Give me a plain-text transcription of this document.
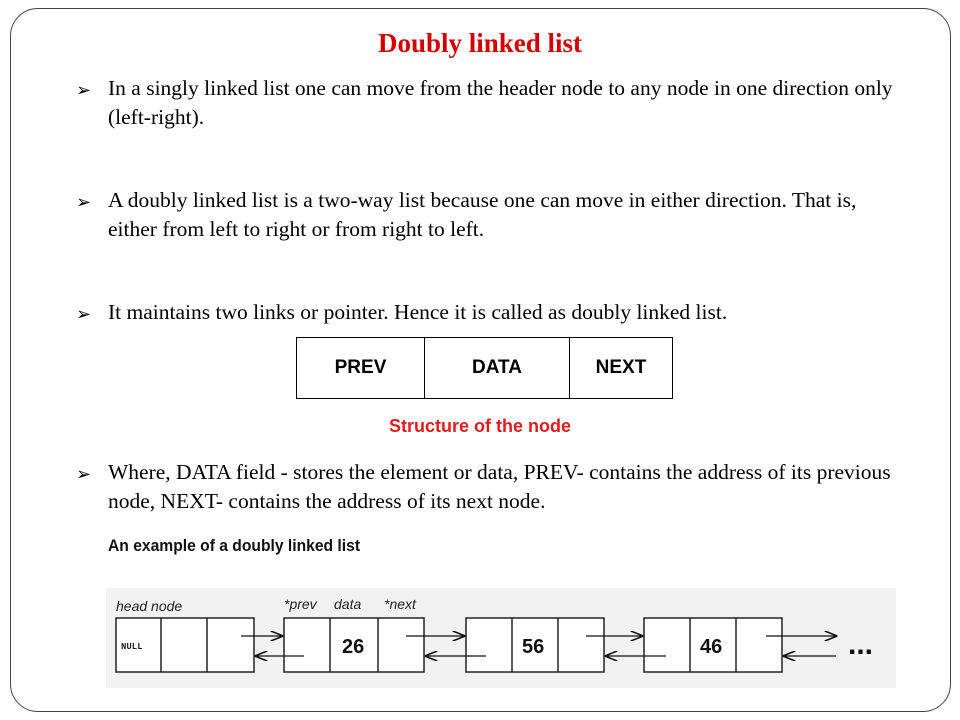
Doubly linked list
➢ In a singly linked list one can move from the header node to any node in one direction only (left-right).
➢ A doubly linked list is a two-way list because one can move in either direction. That is, either from left to right or from right to left.
➢ It maintains two links or pointer. Hence it is called as doubly linked list.
PREV	DATA	NEXT
Structure of the node
➢ Where, DATA field - stores the element or data, PREV- contains the address of its previous node, NEXT- contains the address of its next node.
An example of a doubly linked list
head node	*prev data *next
NULL	26	56	46	...
